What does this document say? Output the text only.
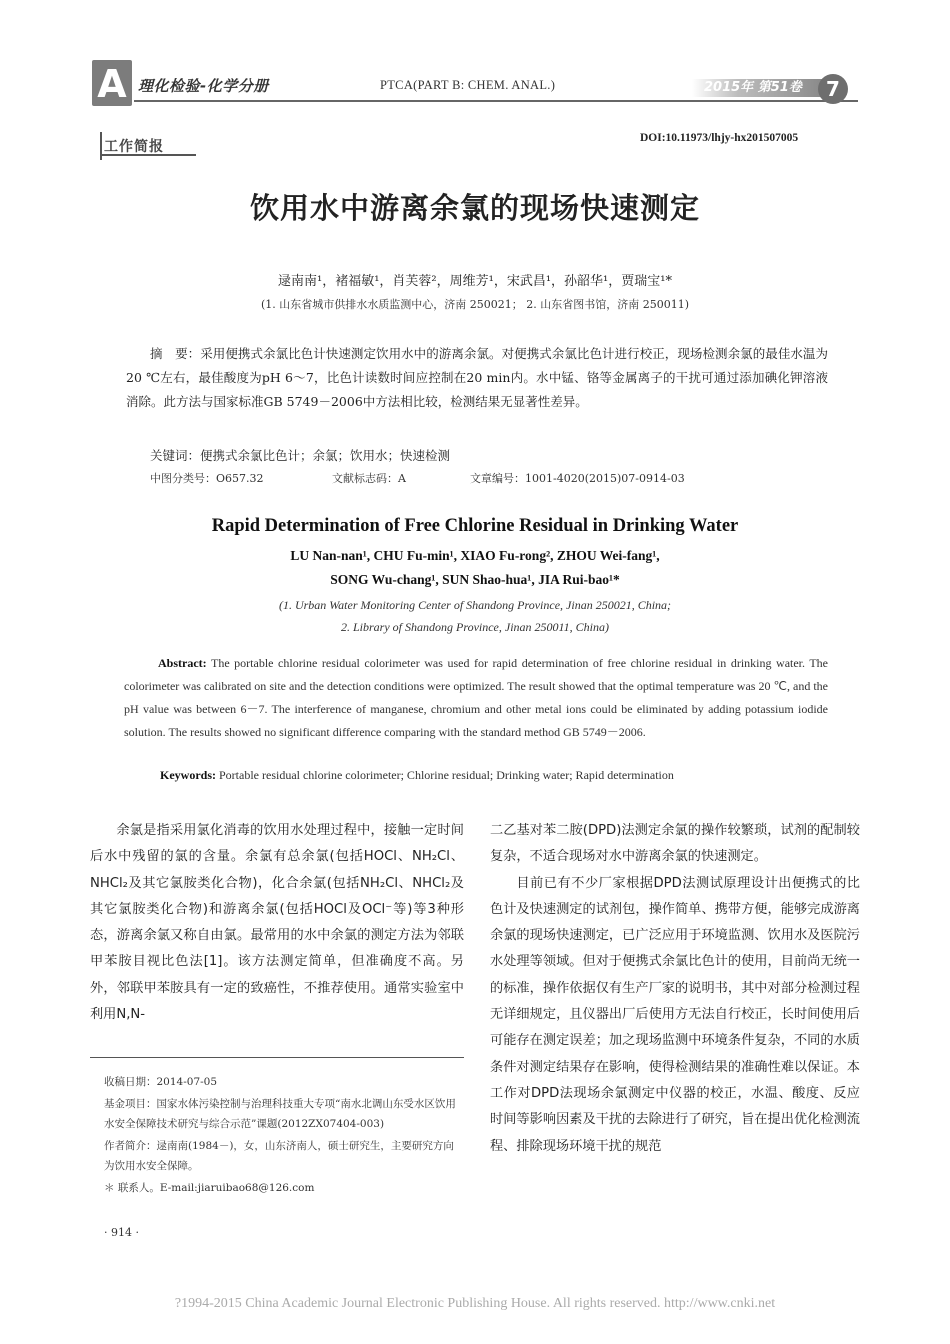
A 理化检验-化学分册	PTCA(PART B: CHEM. ANAL.)	2015年 第51卷	7
工作简报
DOI:10.11973/lhjy-hx201507005
饮用水中游离余氯的现场快速测定
逯南南¹，褚福敏¹，肖芙蓉²，周维芳¹，宋武昌¹，孙韶华¹，贾瑞宝¹*
(1. 山东省城市供排水水质监测中心，济南 250021； 2. 山东省图书馆，济南 250011)
摘　要：采用便携式余氯比色计快速测定饮用水中的游离余氯。对便携式余氯比色计进行校正，现场检测余氯的最佳水温为20 ℃左右，最佳酸度为pH 6～7，比色计读数时间应控制在20 min内。水中锰、铬等金属离子的干扰可通过添加碘化钾溶液消除。此方法与国家标准GB 5749－2006中方法相比较，检测结果无显著性差异。
关键词：便携式余氯比色计；余氯；饮用水；快速检测
中图分类号：O657.32	文献标志码：A	文章编号：1001-4020(2015)07-0914-03
Rapid Determination of Free Chlorine Residual in Drinking Water
LU Nan-nan¹, CHU Fu-min¹, XIAO Fu-rong², ZHOU Wei-fang¹,
SONG Wu-chang¹, SUN Shao-hua¹, JIA Rui-bao¹*
(1. Urban Water Monitoring Center of Shandong Province, Jinan 250021, China;
2. Library of Shandong Province, Jinan 250011, China)
Abstract: The portable chlorine residual colorimeter was used for rapid determination of free chlorine residual in drinking water. The colorimeter was calibrated on site and the detection conditions were optimized. The result showed that the optimal temperature was 20 ℃, and the pH value was between 6－7. The interference of manganese, chromium and other metal ions could be eliminated by adding potassium iodide solution. The results showed no significant difference comparing with the standard method GB 5749－2006.
Keywords: Portable residual chlorine colorimeter; Chlorine residual; Drinking water; Rapid determination

余氯是指采用氯化消毒的饮用水处理过程中，接触一定时间后水中残留的氯的含量。余氯有总余氯(包括HOCl、NH₂Cl、NHCl₂及其它氯胺类化合物)，化合余氯(包括NH₂Cl、NHCl₂及其它氯胺类化合物)和游离余氯(包括HOCl及OCl⁻等)等3种形态，游离余氯又称自由氯。最常用的水中余氯的测定方法为邻联甲苯胺目视比色法[1]。该方法测定简单，但准确度不高。另外，邻联甲苯胺具有一定的致癌性，不推荐使用。通常实验室中利用N,N-

二乙基对苯二胺(DPD)法测定余氯的操作较繁琐，试剂的配制较复杂，不适合现场对水中游离余氯的快速测定。

目前已有不少厂家根据DPD法测试原理设计出便携式的比色计及快速测定的试剂包，操作简单、携带方便，能够完成游离余氯的现场快速测定，已广泛应用于环境监测、饮用水及医院污水处理等领域。但对于便携式余氯比色计的使用，目前尚无统一的标准，操作依据仅有生产厂家的说明书，其中对部分检测过程无详细规定，且仪器出厂后使用方无法自行校正，长时间使用后可能存在测定误差；加之现场监测中环境条件复杂，不同的水质条件对测定结果存在影响，使得检测结果的准确性难以保证。本工作对DPD法现场余氯测定中仪器的校正，水温、酸度、反应时间等影响因素及干扰的去除进行了研究，旨在提出优化检测流程、排除现场环境干扰的规范

收稿日期：2014-07-05

基金项目：国家水体污染控制与治理科技重大专项“南水北调山东受水区饮用水安全保障技术研究与综合示范”课题(2012ZX07404-003)

作者简介：逯南南(1984－)，女，山东济南人，硕士研究生，主要研究方向为饮用水安全保障。

＊ 联系人。E-mail:jiaruibao68@126.com

· 914 ·
?1994-2015 China Academic Journal Electronic Publishing House. All rights reserved. http://www.cnki.net
